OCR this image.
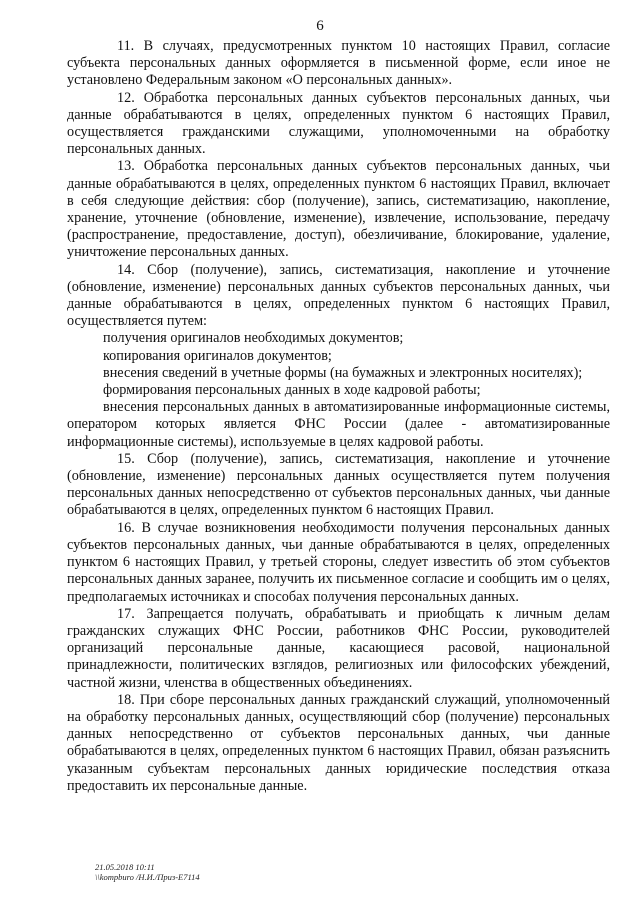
6

11. В случаях, предусмотренных пунктом 10 настоящих Правил, согласие субъекта персональных данных оформляется в письменной форме, если иное не установлено Федеральным законом «О персональных данных».

12. Обработка персональных данных субъектов персональных данных, чьи данные обрабатываются в целях, определенных пунктом 6 настоящих Правил, осуществляется гражданскими служащими, уполномоченными на обработку персональных данных.

13. Обработка персональных данных субъектов персональных данных, чьи данные обрабатываются в целях, определенных пунктом 6 настоящих Правил, включает в себя следующие действия: сбор (получение), запись, систематизацию, накопление, хранение, уточнение (обновление, изменение), извлечение, использование, передачу (распространение, предоставление, доступ), обезличивание, блокирование, удаление, уничтожение персональных данных.

14. Сбор (получение), запись, систематизация, накопление и уточнение (обновление, изменение) персональных данных субъектов персональных данных, чьи данные обрабатываются в целях, определенных пунктом 6 настоящих Правил, осуществляется путем:

получения оригиналов необходимых документов;

копирования оригиналов документов;

внесения сведений в учетные формы (на бумажных и электронных носителях);

формирования персональных данных в ходе кадровой работы;

внесения персональных данных в автоматизированные информационные системы, оператором которых является ФНС России (далее - автоматизированные информационные системы), используемые в целях кадровой работы.

15. Сбор (получение), запись, систематизация, накопление и уточнение (обновление, изменение) персональных данных осуществляется путем получения персональных данных непосредственно от субъектов персональных данных, чьи данные обрабатываются в целях, определенных пунктом 6 настоящих Правил.

16. В случае возникновения необходимости получения персональных данных субъектов персональных данных, чьи данные обрабатываются в целях, определенных пунктом 6 настоящих Правил, у третьей стороны, следует известить об этом субъектов персональных данных заранее, получить их письменное согласие и сообщить им о целях, предполагаемых источниках и способах получения персональных данных.

17. Запрещается получать, обрабатывать и приобщать к личным делам гражданских служащих ФНС России, работников ФНС России, руководителей организаций персональные данные, касающиеся расовой, национальной принадлежности, политических взглядов, религиозных или философских убеждений, частной жизни, членства в общественных объединениях.

18. При сборе персональных данных гражданский служащий, уполномоченный на обработку персональных данных, осуществляющий сбор (получение) персональных данных непосредственно от субъектов персональных данных, чьи данные обрабатываются в целях, определенных пунктом 6 настоящих Правил, обязан разъяснить указанным субъектам персональных данных юридические последствия отказа предоставить их персональные данные.

21.05.2018 10:11
\\kompburo /Н.И./Приз-Е7114
